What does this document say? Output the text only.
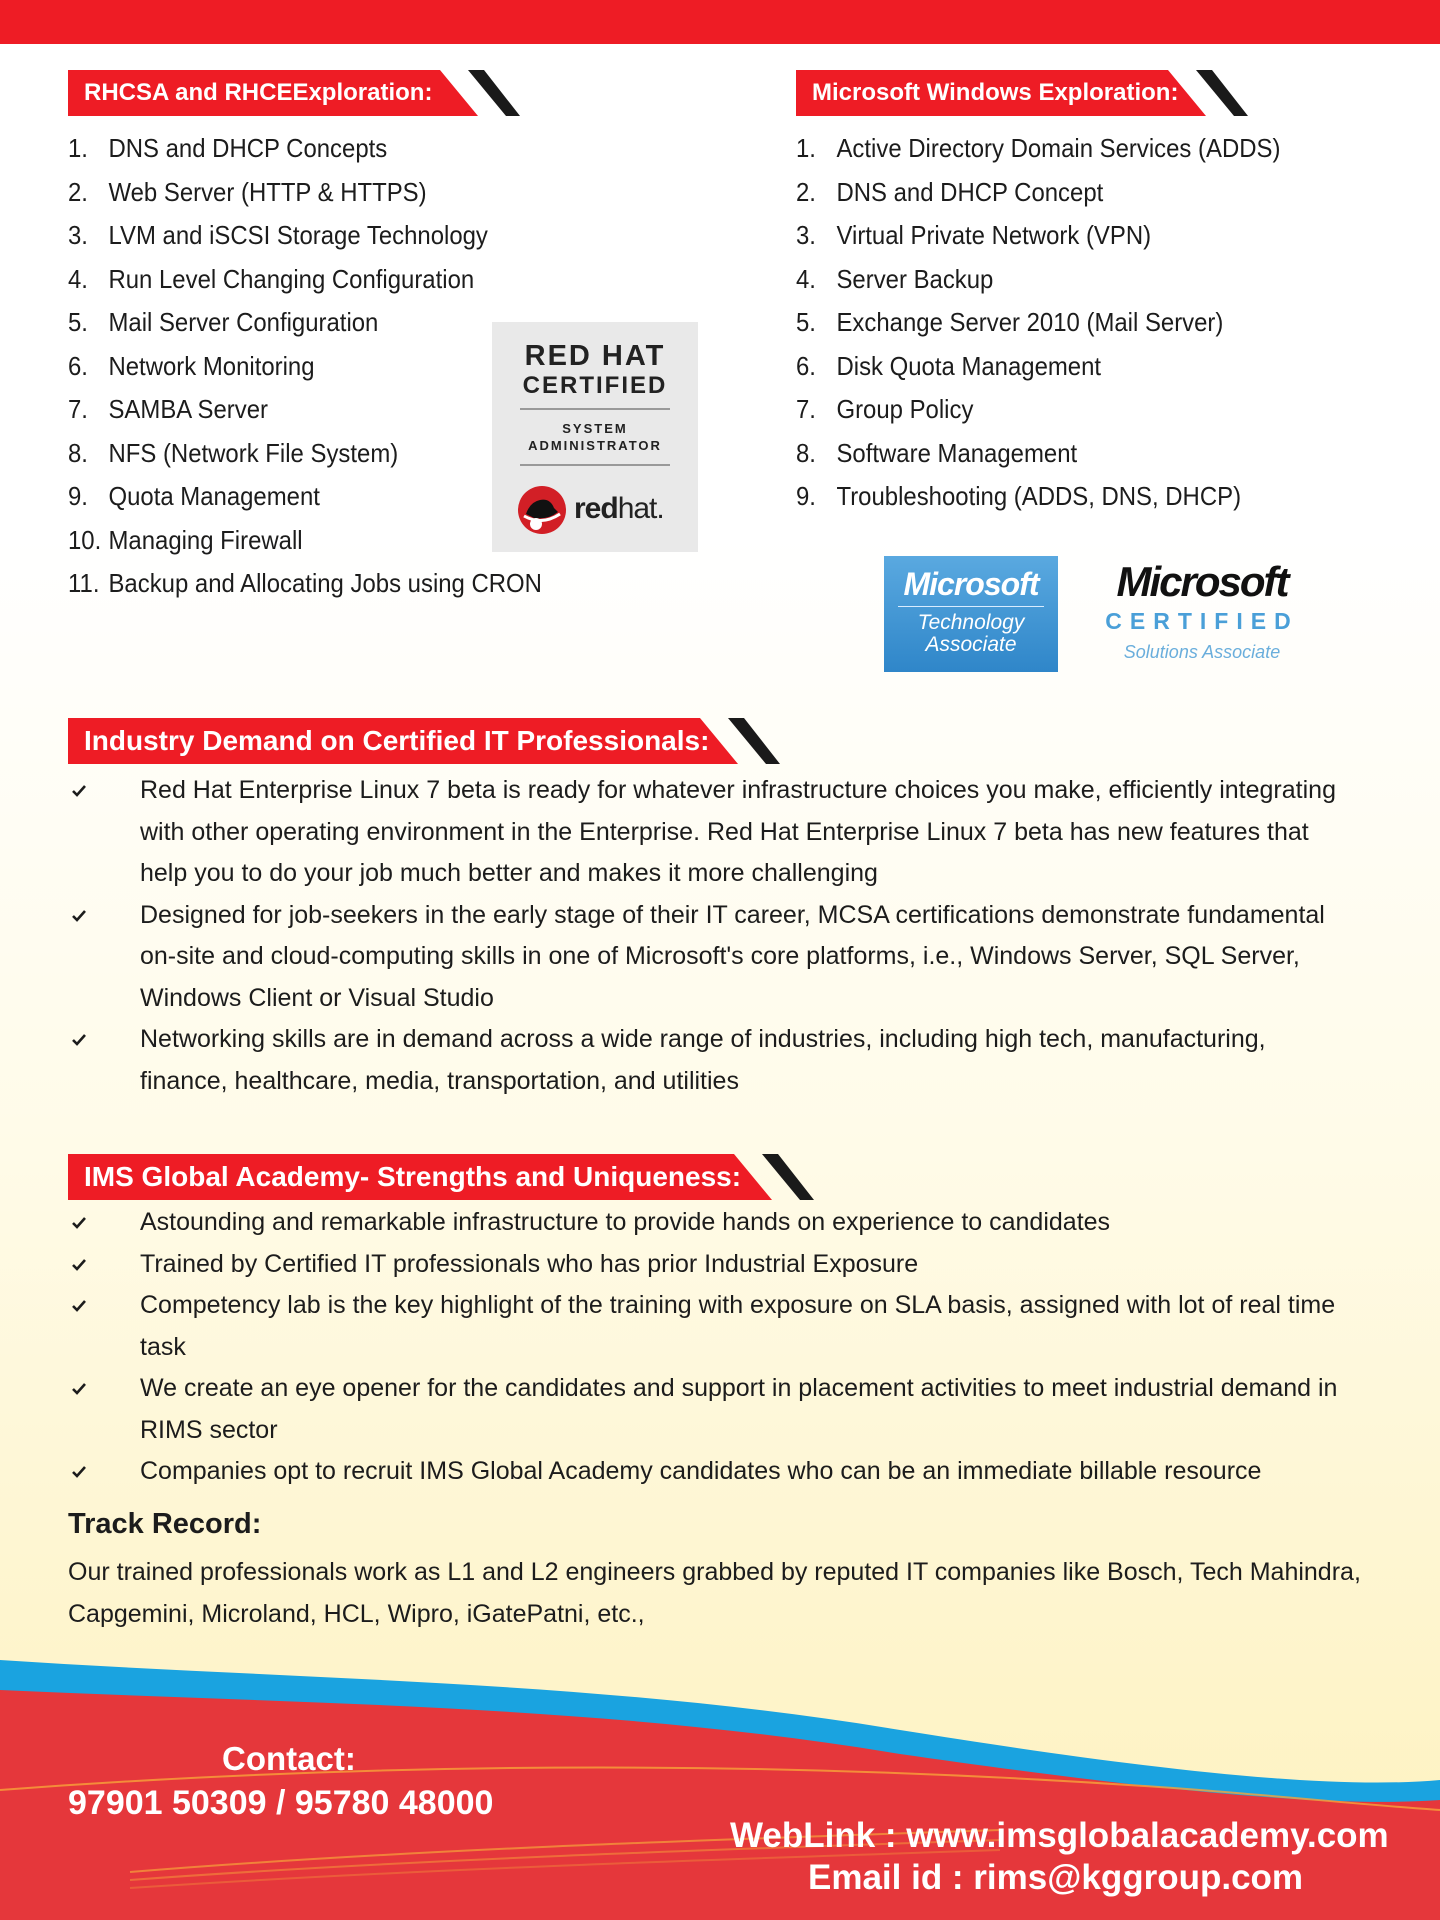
RHCSA and RHCEExploration:
1. DNS and DHCP Concepts
2. Web Server (HTTP & HTTPS)
3. LVM and iSCSI Storage Technology
4. Run Level Changing Configuration
5. Mail Server Configuration
6. Network Monitoring
7. SAMBA Server
8. NFS (Network File System)
9. Quota Management
10. Managing Firewall
11. Backup and Allocating Jobs using CRON
Microsoft Windows Exploration:
1. Active Directory Domain Services (ADDS)
2. DNS and DHCP Concept
3. Virtual Private Network (VPN)
4. Server Backup
5. Exchange Server 2010 (Mail Server)
6. Disk Quota Management
7. Group Policy
8. Software Management
9. Troubleshooting (ADDS, DNS, DHCP)
RED HAT
CERTIFIED
SYSTEM
ADMINISTRATOR
redhat.
Microsoft
Technology
Associate
Microsoft
CERTIFIED
Solutions Associate
Industry Demand on Certified IT Professionals:
Red Hat Enterprise Linux 7 beta is ready for whatever infrastructure choices you make, efficiently integrating with other operating environment in the Enterprise. Red Hat Enterprise Linux 7 beta has new features that help you to do your job much better and makes it more challenging
Designed for job-seekers in the early stage of their IT career, MCSA certifications demonstrate fundamental on-site and cloud-computing skills in one of Microsoft's core platforms, i.e., Windows Server, SQL Server, Windows Client or Visual Studio
Networking skills are in demand across a wide range of industries, including high tech, manufacturing, finance, healthcare, media, transportation, and utilities
IMS Global Academy- Strengths and Uniqueness:
Astounding and remarkable infrastructure to provide hands on experience to candidates
Trained by Certified IT professionals who has prior Industrial Exposure
Competency lab is the key highlight of the training with exposure on SLA basis, assigned with lot of real time task
We create an eye opener for the candidates and support in placement activities to meet industrial demand in RIMS sector
Companies opt to recruit IMS Global Academy candidates who can be an immediate billable resource
Track Record:
Our trained professionals work as L1 and L2 engineers grabbed by reputed IT companies like Bosch, Tech Mahindra, Capgemini, Microland, HCL, Wipro, iGatePatni, etc.,
Contact:
97901 50309 / 95780 48000
WebLink : www.imsglobalacademy.com
Email id : rims@kggroup.com
